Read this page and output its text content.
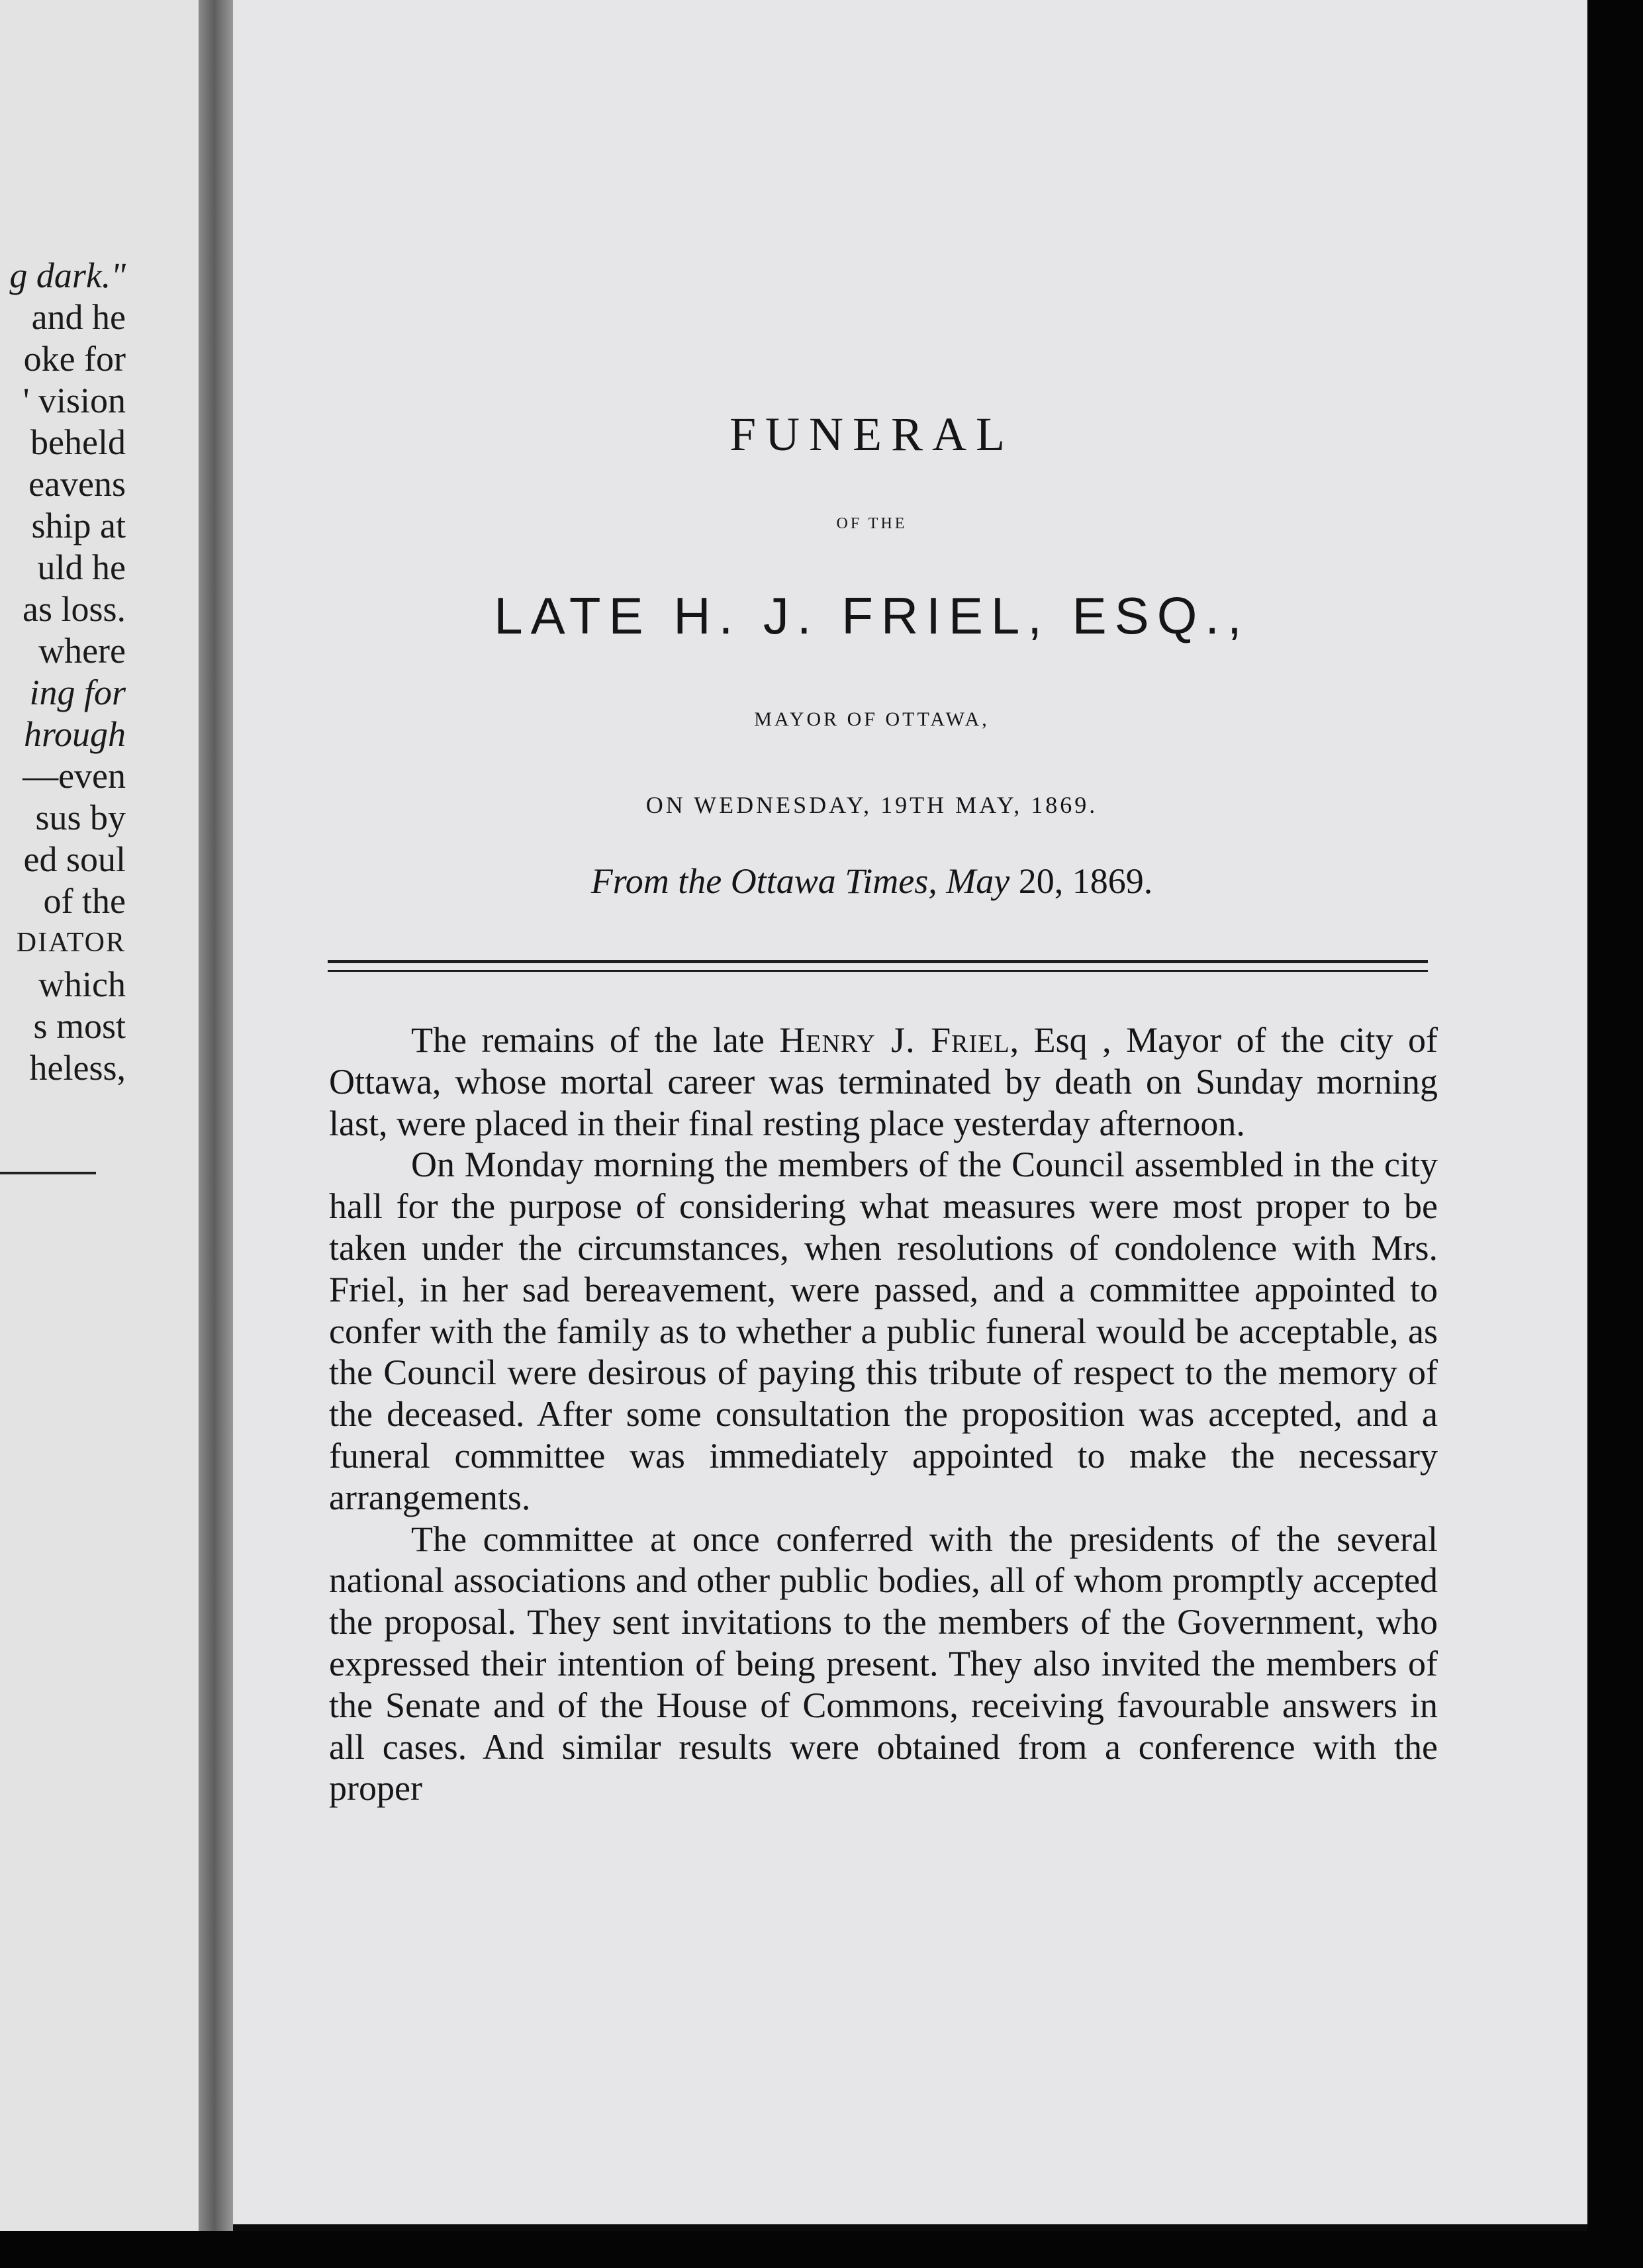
g dark."
and he
oke for
' vision
beheld
eavens
ship at
uld he
as loss.
where
ing for
hrough
—even
sus by
ed soul
of the
DIATOR
which
s most
heless,
FUNERAL
OF THE
LATE H. J. FRIEL, ESQ.,
MAYOR OF OTTAWA,
ON WEDNESDAY, 19TH MAY, 1869.
From the Ottawa Times, May 20, 1869.

The remains of the late Henry J. Friel, Esq , Mayor of the city of Ottawa, whose mortal career was terminated by death on Sunday morning last, were placed in their final resting place yesterday afternoon.

On Monday morning the members of the Council assembled in the city hall for the purpose of considering what measures were most proper to be taken under the circumstances, when resolutions of condolence with Mrs. Friel, in her sad bereavement, were passed, and a committee appointed to confer with the family as to whether a public funeral would be acceptable, as the Council were desirous of paying this tribute of respect to the memory of the deceased. After some consultation the proposition was accepted, and a funeral committee was immediately appointed to make the necessary arrangements.

The committee at once conferred with the presidents of the several national associations and other public bodies, all of whom promptly accepted the proposal. They sent invitations to the members of the Government, who expressed their intention of being present. They also invited the members of the Senate and of the House of Commons, receiving favourable answers in all cases. And similar results were obtained from a conference with the proper
